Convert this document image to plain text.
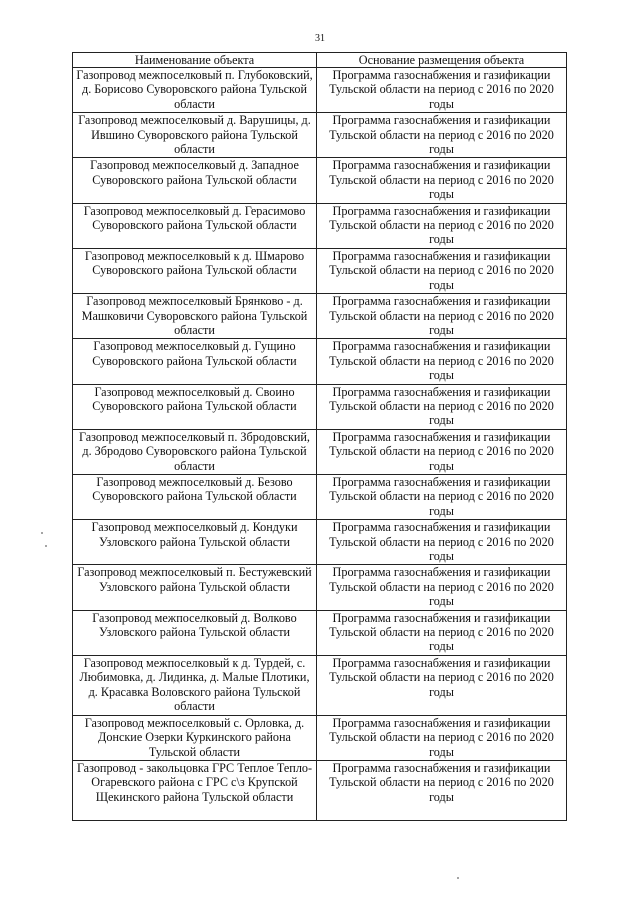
31
Наименование объекта	Основание размещения объекта
Газопровод межпоселковый п. Глубоковский, д. Борисово Суворовского района Тульской области	Программа газоснабжения и газификации Тульской области на период с 2016 по 2020 годы
Газопровод межпоселковый д. Варушицы, д. Ившино Суворовского района Тульской области	Программа газоснабжения и газификации Тульской области на период с 2016 по 2020 годы
Газопровод межпоселковый д. Западное Суворовского района Тульской области	Программа газоснабжения и газификации Тульской области на период с 2016 по 2020 годы
Газопровод межпоселковый д. Герасимово Суворовского района Тульской области	Программа газоснабжения и газификации Тульской области на период с 2016 по 2020 годы
Газопровод межпоселковый к д. Шмарово Суворовского района Тульской области	Программа газоснабжения и газификации Тульской области на период с 2016 по 2020 годы
Газопровод межпоселковый Брянково - д. Машковичи Суворовского района Тульской области	Программа газоснабжения и газификации Тульской области на период с 2016 по 2020 годы
Газопровод межпоселковый д. Гущино Суворовского района Тульской области	Программа газоснабжения и газификации Тульской области на период с 2016 по 2020 годы
Газопровод межпоселковый д. Своино Суворовского района Тульской области	Программа газоснабжения и газификации Тульской области на период с 2016 по 2020 годы
Газопровод межпоселковый п. Збродовский, д. Збродово Суворовского района Тульской области	Программа газоснабжения и газификации Тульской области на период с 2016 по 2020 годы
Газопровод межпоселковый д. Безово Суворовского района Тульской области	Программа газоснабжения и газификации Тульской области на период с 2016 по 2020 годы
Газопровод межпоселковый д. Кондуки Узловского района Тульской области	Программа газоснабжения и газификации Тульской области на период с 2016 по 2020 годы
Газопровод межпоселковый п. Бестужевский Узловского района Тульской области	Программа газоснабжения и газификации Тульской области на период с 2016 по 2020 годы
Газопровод межпоселковый д. Волково Узловского района Тульской области	Программа газоснабжения и газификации Тульской области на период с 2016 по 2020 годы
Газопровод межпоселковый к д. Турдей, с. Любимовка, д. Лидинка, д. Малые Плотики, д. Красавка Воловского района Тульской области	Программа газоснабжения и газификации Тульской области на период с 2016 по 2020 годы
Газопровод межпоселковый с. Орловка, д. Донские Озерки Куркинского района Тульской области	Программа газоснабжения и газификации Тульской области на период с 2016 по 2020 годы
Газопровод - закольцовка ГРС Теплое Тепло-Огаревского района с ГРС с\з Крупской Щекинского района Тульской области	Программа газоснабжения и газификации Тульской области на период с 2016 по 2020 годы
